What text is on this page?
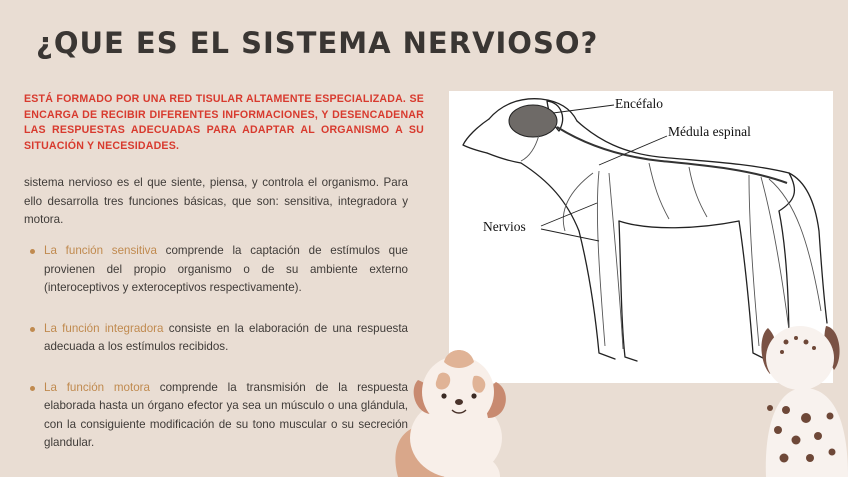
¿QUE ES EL SISTEMA NERVIOSO?

ESTÁ FORMADO POR UNA RED TISULAR ALTAMENTE ESPECIALIZADA. SE ENCARGA DE RECIBIR DIFERENTES INFORMACIONES, Y DESENCADENAR LAS RESPUESTAS ADECUADAS PARA ADAPTAR AL ORGANISMO A SU SITUACIÓN Y NECESIDADES.

sistema nervioso es el que siente, piensa, y controla el organismo. Para ello desarrolla tres funciones básicas, que son: sensitiva, integradora y motora.

La función sensitiva comprende la captación de estímulos que provienen del propio organismo o de su ambiente externo (interoceptivos y exteroceptivos respectivamente).
La función integradora consiste en la elaboración de una respuesta adecuada a los estímulos recibidos.
La función motora comprende la transmisión de la respuesta elaborada hasta un órgano efector ya sea un músculo o una glándula, con la consiguiente modificación de su tono muscular o su secreción glandular.
Encéfalo
Médula espinal
Nervios
